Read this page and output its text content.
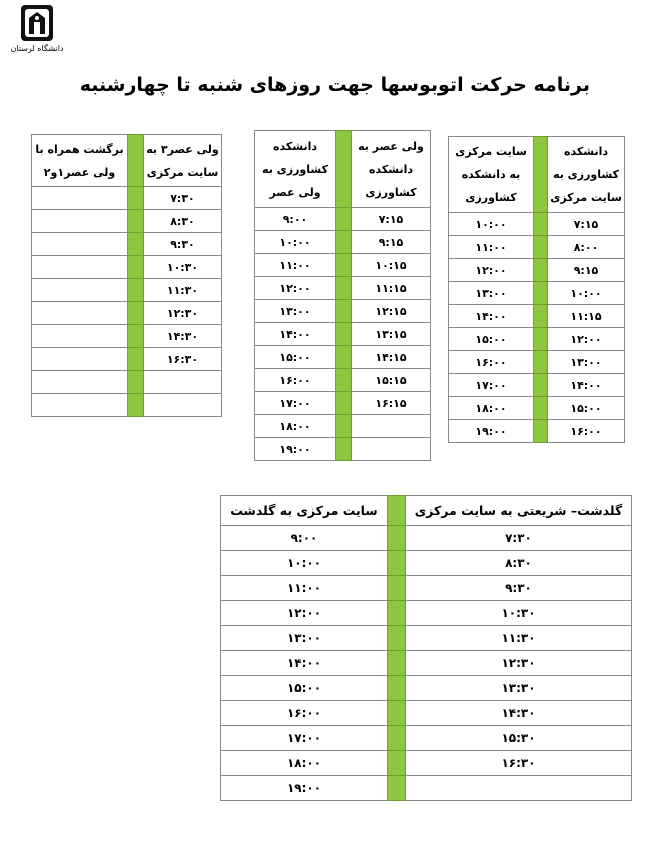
دانشگاه لرستان
برنامه حرکت اتوبوسها جهت روزهای شنبه تا چهارشنبه
برگشت همراه با ولی عصر۱و۲		ولی عصر۳ به سایت مرکزی
		۷:۳۰
		۸:۳۰
		۹:۳۰
		۱۰:۳۰
		۱۱:۳۰
		۱۲:۳۰
		۱۴:۳۰
		۱۶:۳۰

دانشکده کشاورزی به ولی عصر		ولی عصر به دانشکده کشاورزی
۹:۰۰		۷:۱۵
۱۰:۰۰		۹:۱۵
۱۱:۰۰		۱۰:۱۵
۱۲:۰۰		۱۱:۱۵
۱۳:۰۰		۱۲:۱۵
۱۴:۰۰		۱۳:۱۵
۱۵:۰۰		۱۴:۱۵
۱۶:۰۰		۱۵:۱۵
۱۷:۰۰		۱۶:۱۵
۱۸:۰۰		
۱۹:۰۰		
سایت مرکزی به دانشکده کشاورزی		دانشکده کشاورزی به سایت مرکزی
۱۰:۰۰		۷:۱۵
۱۱:۰۰		۸:۰۰
۱۲:۰۰		۹:۱۵
۱۳:۰۰		۱۰:۰۰
۱۴:۰۰		۱۱:۱۵
۱۵:۰۰		۱۲:۰۰
۱۶:۰۰		۱۳:۰۰
۱۷:۰۰		۱۴:۰۰
۱۸:۰۰		۱۵:۰۰
۱۹:۰۰		۱۶:۰۰
سایت مرکزی به گلدشت		گلدشت– شریعتی به سایت مرکزی
۹:۰۰		۷:۳۰
۱۰:۰۰		۸:۳۰
۱۱:۰۰		۹:۳۰
۱۲:۰۰		۱۰:۳۰
۱۳:۰۰		۱۱:۳۰
۱۴:۰۰		۱۲:۳۰
۱۵:۰۰		۱۳:۳۰
۱۶:۰۰		۱۴:۳۰
۱۷:۰۰		۱۵:۳۰
۱۸:۰۰		۱۶:۳۰
۱۹:۰۰		
